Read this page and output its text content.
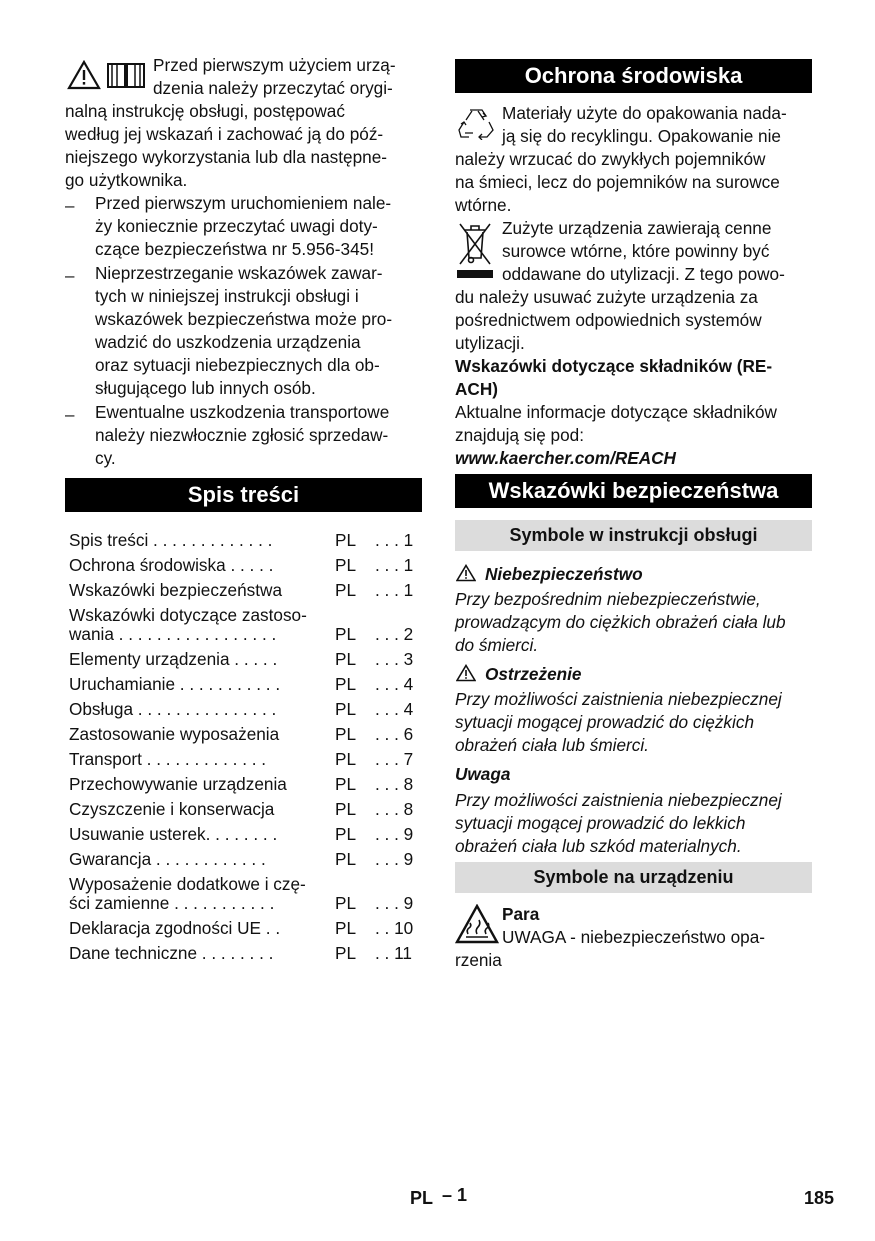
Przed pierwszym użyciem urzą-

dzenia należy przeczytać orygi-

nalną instrukcję obsługi, postępować

według jej wskazań i zachować ją do póź-

niejszego wykorzystania lub dla następne-

go użytkownika.

– Przed pierwszym uruchomieniem nale-
ży koniecznie przeczytać uwagi doty-
czące bezpieczeństwa nr 5.956-345!
– Nieprzestrzeganie wskazówek zawar-
tych w niniejszej instrukcji obsługi i
wskazówek bezpieczeństwa może pro-
wadzić do uszkodzenia urządzenia
oraz sytuacji niebezpiecznych dla ob-
sługującego lub innych osób.
– Ewentualne uszkodzenia transportowe
należy niezwłocznie zgłosić sprzedaw-
cy.
Spis treści
Spis treści . . . . . . . . . . . . .	PL . . . 1
Ochrona środowiska . . . . .	PL . . . 1
Wskazówki bezpieczeństwa	PL . . . 1
Wskazówki dotyczące zastoso-
wania . . . . . . . . . . . . . . . . .	PL . . . 2
Elementy urządzenia . . . . .	PL . . . 3
Uruchamianie . . . . . . . . . . .	PL . . . 4
Obsługa . . . . . . . . . . . . . . .	PL . . . 4
Zastosowanie wyposażenia	PL . . . 6
Transport . . . . . . . . . . . . .	PL . . . 7
Przechowywanie urządzenia	PL . . . 8
Czyszczenie i konserwacja	PL . . . 8
Usuwanie usterek. . . . . . . .	PL . . . 9
Gwarancja . . . . . . . . . . . .	PL . . . 9
Wyposażenie dodatkowe i czę-
ści zamienne . . . . . . . . . . .	PL . . . 9
Deklaracja zgodności UE . .	PL . . 10
Dane techniczne . . . . . . . .	PL . . 11
Ochrona środowiska

Materiały użyte do opakowania nada-

ją się do recyklingu. Opakowanie nie

należy wrzucać do zwykłych pojemników

na śmieci, lecz do pojemników na surowce

wtórne.

Zużyte urządzenia zawierają cenne

surowce wtórne, które powinny być

oddawane do utylizacji. Z tego powo-

du należy usuwać zużyte urządzenia za

pośrednictwem odpowiednich systemów

utylizacji.

Wskazówki dotyczące składników (RE-

ACH)

Aktualne informacje dotyczące składników

znajdują się pod:

www.kaercher.com/REACH

Wskazówki bezpieczeństwa
Symbole w instrukcji obsługi

Niebezpieczeństwo

Przy bezpośrednim niebezpieczeństwie,

prowadzącym do ciężkich obrażeń ciała lub

do śmierci.

Ostrzeżenie

Przy możliwości zaistnienia niebezpiecznej

sytuacji mogącej prowadzić do ciężkich

obrażeń ciała lub śmierci.

Uwaga

Przy możliwości zaistnienia niebezpiecznej

sytuacji mogącej prowadzić do lekkich

obrażeń ciała lub szkód materialnych.

Symbole na urządzeniu

Para

UWAGA - niebezpieczeństwo opa-

rzenia

PL – 1	185
